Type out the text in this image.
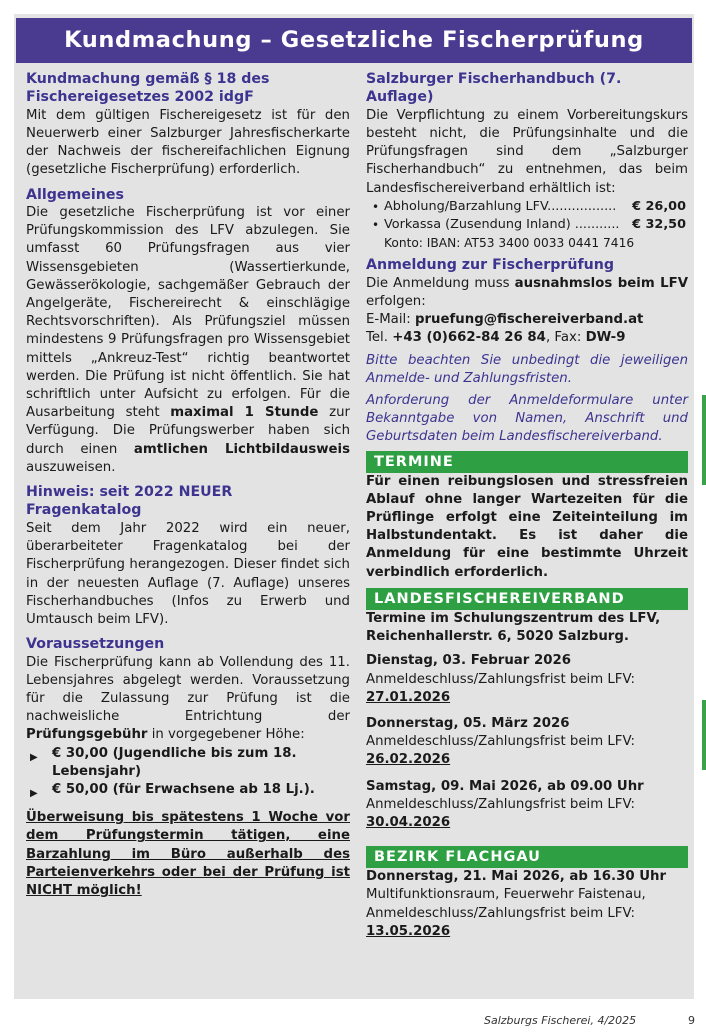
Kundmachung – Gesetzliche Fischerprüfung
Kundmachung gemäß § 18 des
Fischereigesetzes 2002 idgF
Mit dem gültigen Fischereigesetz ist für den Neuerwerb einer Salzburger Jahresfischerkarte der Nachweis der fischereifachlichen Eignung (gesetzliche Fischerprüfung) erforderlich.
Allgemeines
Die gesetzliche Fischerprüfung ist vor einer Prüfungskommission des LFV abzulegen. Sie umfasst 60 Prüfungsfragen aus vier Wissensgebieten (Wassertierkunde, Gewässerökologie, sachgemäßer Gebrauch der Angelgeräte, Fischereirecht & einschlägige Rechtsvorschriften). Als Prüfungsziel müssen mindestens 9 Prüfungsfragen pro Wissensgebiet mittels „Ankreuz-Test“ richtig beantwortet werden. Die Prüfung ist nicht öffentlich. Sie hat schriftlich unter Aufsicht zu erfolgen. Für die Ausarbeitung steht maximal 1 Stunde zur Verfügung. Die Prüfungswerber haben sich durch einen amtlichen Lichtbildausweis auszuweisen.
Hinweis: seit 2022 NEUER Fragenkatalog
Seit dem Jahr 2022 wird ein neuer, überarbeiteter Fragenkatalog bei der Fischerprüfung herangezogen. Dieser findet sich in der neuesten Auflage (7. Auflage) unseres Fischerhandbuches (Infos zu Erwerb und Umtausch beim LFV).
Voraussetzungen
Die Fischerprüfung kann ab Vollendung des 11. Lebensjahres abgelegt werden. Voraussetzung für die Zulassung zur Prüfung ist die nachweisliche Entrichtung der Prüfungsgebühr in vorgegebener Höhe:
▶ € 30,00 (Jugendliche bis zum 18. Lebensjahr)
▶ € 50,00 (für Erwachsene ab 18 Lj.).
Überweisung bis spätestens 1 Woche vor dem Prüfungstermin tätigen, eine Barzahlung im Büro außerhalb des Parteienverkehrs oder bei der Prüfung ist NICHT möglich!
Salzburger Fischerhandbuch (7. Auflage)
Die Verpflichtung zu einem Vorbereitungskurs besteht nicht, die Prüfungsinhalte und die Prüfungsfragen sind dem „Salzburger Fischerhandbuch“ zu entnehmen, das beim Landesfischereiverband erhältlich ist:
• Abholung/Barzahlung LFV................. € 26,00
• Vorkassa (Zusendung Inland) ........... € 32,50
Konto: IBAN: AT53 3400 0033 0441 7416
Anmeldung zur Fischerprüfung
Die Anmeldung muss ausnahmslos beim LFV erfolgen:
E-Mail: pruefung@fischereiverband.at
Tel. +43 (0)662-84 26 84, Fax: DW-9
Bitte beachten Sie unbedingt die jeweiligen Anmelde- und Zahlungsfristen.
Anforderung der Anmeldeformulare unter Bekanntgabe von Namen, Anschrift und Geburtsdaten beim Landesfischereiverband.
TERMINE
Für einen reibungslosen und stressfreien Ablauf ohne langer Wartezeiten für die Prüflinge erfolgt eine Zeiteinteilung im Halbstundentakt. Es ist daher die Anmeldung für eine bestimmte Uhrzeit verbindlich erforderlich.
LANDESFISCHEREIVERBAND
Termine im Schulungszentrum des LFV, Reichenhallerstr. 6, 5020 Salzburg.
Dienstag, 03. Februar 2026
Anmeldeschluss/Zahlungsfrist beim LFV:
27.01.2026
Donnerstag, 05. März 2026
Anmeldeschluss/Zahlungsfrist beim LFV:
26.02.2026
Samstag, 09. Mai 2026, ab 09.00 Uhr
Anmeldeschluss/Zahlungsfrist beim LFV:
30.04.2026
BEZIRK FLACHGAU
Donnerstag, 21. Mai 2026, ab 16.30 Uhr
Multifunktionsraum, Feuerwehr Faistenau,
Anmeldeschluss/Zahlungsfrist beim LFV:
13.05.2026
Salzburgs Fischerei, 4/2025	9
